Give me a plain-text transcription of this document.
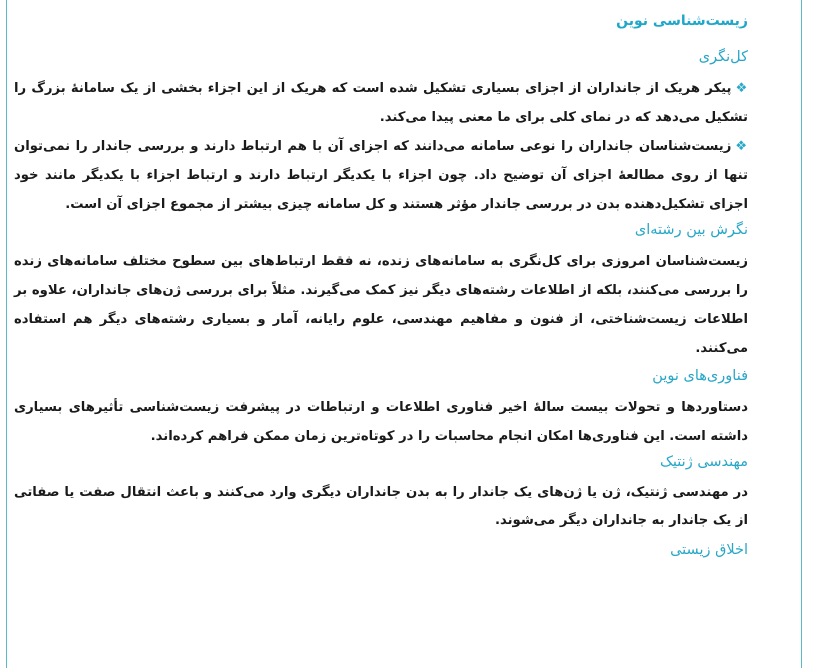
زیست‌شناسی نوین
کل‌نگری

❖پیکر هریک از جانداران از اجزای بسیاری تشکیل شده است که هریک از این اجزاء بخشی از یک سامانهٔ بزرگ را تشکیل می‌دهد که در نمای کلی برای ما معنی پیدا می‌کند.

❖زیست‌شناسان جانداران را نوعی سامانه می‌دانند که اجزای آن با هم ارتباط دارند و بررسی جاندار را نمی‌توان تنها از روی مطالعهٔ اجزای آن توضیح داد. چون اجزاء با یکدیگر ارتباط دارند و ارتباط اجزاء با یکدیگر مانند خود اجزای تشکیل‌دهنده بدن در بررسی جاندار مؤثر هستند و کل سامانه چیزی بیشتر از مجموع اجزای آن است.

نگرش بین رشته‌ای

زیست‌شناسان امروزی برای کل‌نگری به سامانه‌های زنده، نه فقط ارتباط‌های بین سطوح مختلف سامانه‌های زنده را بررسی می‌کنند، بلکه از اطلاعات رشته‌های دیگر نیز کمک می‌گیرند. مثلاً برای بررسی ژن‌های جانداران، علاوه بر اطلاعات زیست‌شناختی، از فنون و مفاهیم مهندسی، علوم رایانه، آمار و بسیاری رشته‌های دیگر هم استفاده می‌کنند.

فناوری‌های نوین

دستاوردها و تحولات بیست سالهٔ اخیر فناوری اطلاعات و ارتباطات در پیشرفت زیست‌شناسی تأثیرهای بسیاری داشته است. این فناوری‌ها امکان انجام محاسبات را در کوتاه‌ترین زمان ممکن فراهم کرده‌اند.

مهندسی ژنتیک

در مهندسی ژنتیک، ژن یا ژن‌های یک جاندار را به بدن جانداران دیگری وارد می‌کنند و باعث انتقال صفت یا صفاتی از یک جاندار به جانداران دیگر می‌شوند.

اخلاق زیستی
